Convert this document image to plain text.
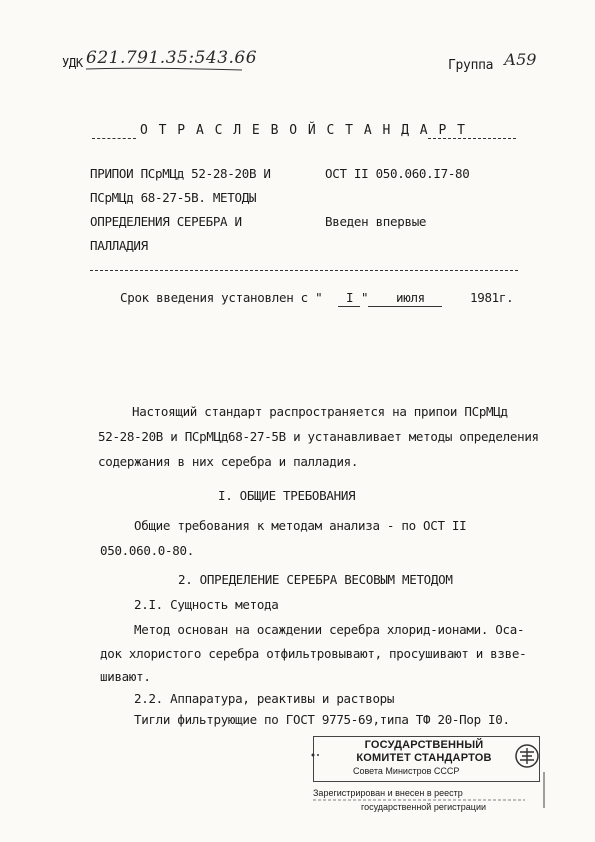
УДК 621.791.35:543.66	Группа А59
О Т Р А С Л Е В О Й С Т А Н Д А Р Т
ПРИПОИ ПСрМЦд 52-28-20В И
ПСрМЦд 68-27-5В. МЕТОДЫ
ОПРЕДЕЛЕНИЯ СЕРЕБРА И
ПАЛЛАДИЯ
ОСТ II 050.060.I7-80
Введен впервые
Срок введения установлен с " I " июля	1981г.
Настоящий стандарт распространяется на припои ПСрМЦд
52-28-20В и ПСрМЦд68-27-5В и устанавливает методы определения
содержания в них серебра и палладия.
I. ОБЩИЕ ТРЕБОВАНИЯ
Общие требования к методам анализа - по ОСТ II
050.060.0-80.
2. ОПРЕДЕЛЕНИЕ СЕРЕБРА ВЕСОВЫМ МЕТОДОМ
2.I. Сущность метода
Метод основан на осаждении серебра хлорид-ионами. Оса-
док хлористого серебра отфильтровывают, просушивают и взве-
шивают.
2.2. Аппаратура, реактивы и растворы
Тигли фильтрующие по ГОСТ 9775-69,типа ТФ 20-Пор I0.
ГОСУДАРСТВЕННЫЙ
КОМИТЕТ СТАНДАРТОВ
Совета Министров СССР
Зарегистрирован и внесен в реестр
государственной регистрации
